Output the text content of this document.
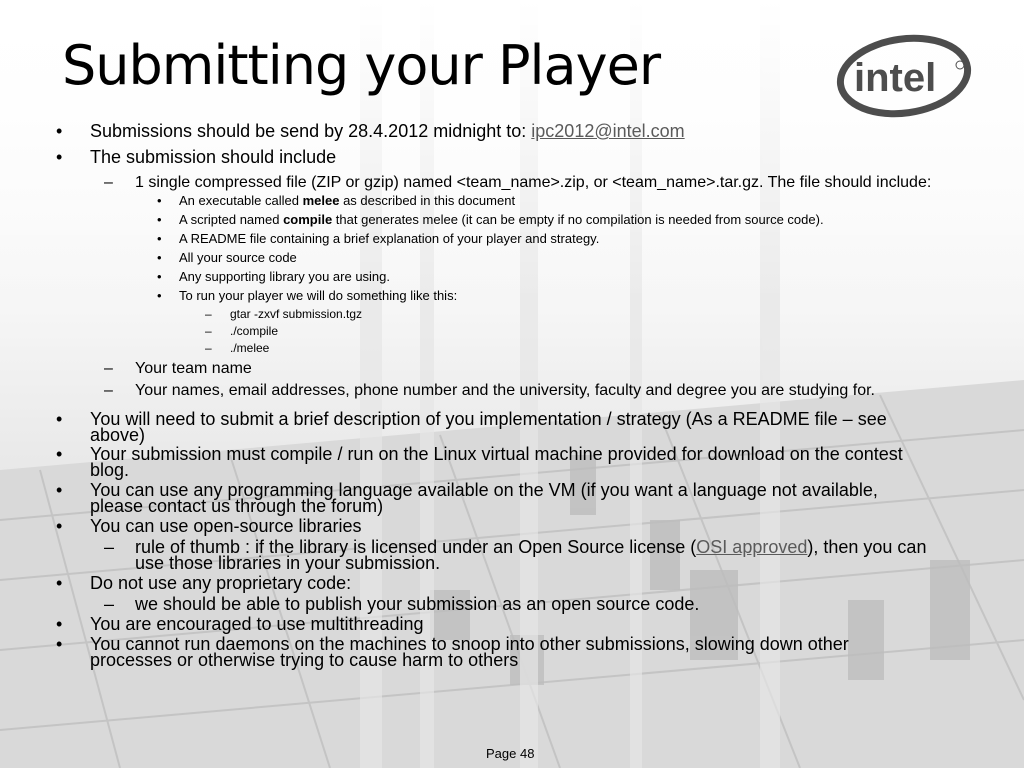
Submitting your Player	intel
• Submissions should be send by 28.4.2012 midnight to: ipc2012@intel.com
• The submission should include
– 1 single compressed file (ZIP or gzip) named <team_name>.zip, or <team_name>.tar.gz. The file should include:
• An executable called melee as described in this document
• A scripted named compile that generates melee (it can be empty if no compilation is needed from source code).
• A README file containing a brief explanation of your player and strategy.
• All your source code
• Any supporting library you are using.
• To run your player we will do something like this:
– gtar -zxvf submission.tgz
– ./compile
– ./melee
– Your team name
– Your names, email addresses, phone number and the university, faculty and degree you are studying for.
• You will need to submit a brief description of you implementation / strategy (As a README file – see
above)
• Your submission must compile / run on the Linux virtual machine provided for download on the contest
blog.
• You can use any programming language available on the VM (if you want a language not available,
please contact us through the forum)
• You can use open-source libraries
– rule of thumb : if the library is licensed under an Open Source license (OSI approved), then you can
use those libraries in your submission.
• Do not use any proprietary code:
– we should be able to publish your submission as an open source code.
• You are encouraged to use multithreading
• You cannot run daemons on the machines to snoop into other submissions, slowing down other
processes or otherwise trying to cause harm to others
Page 48
